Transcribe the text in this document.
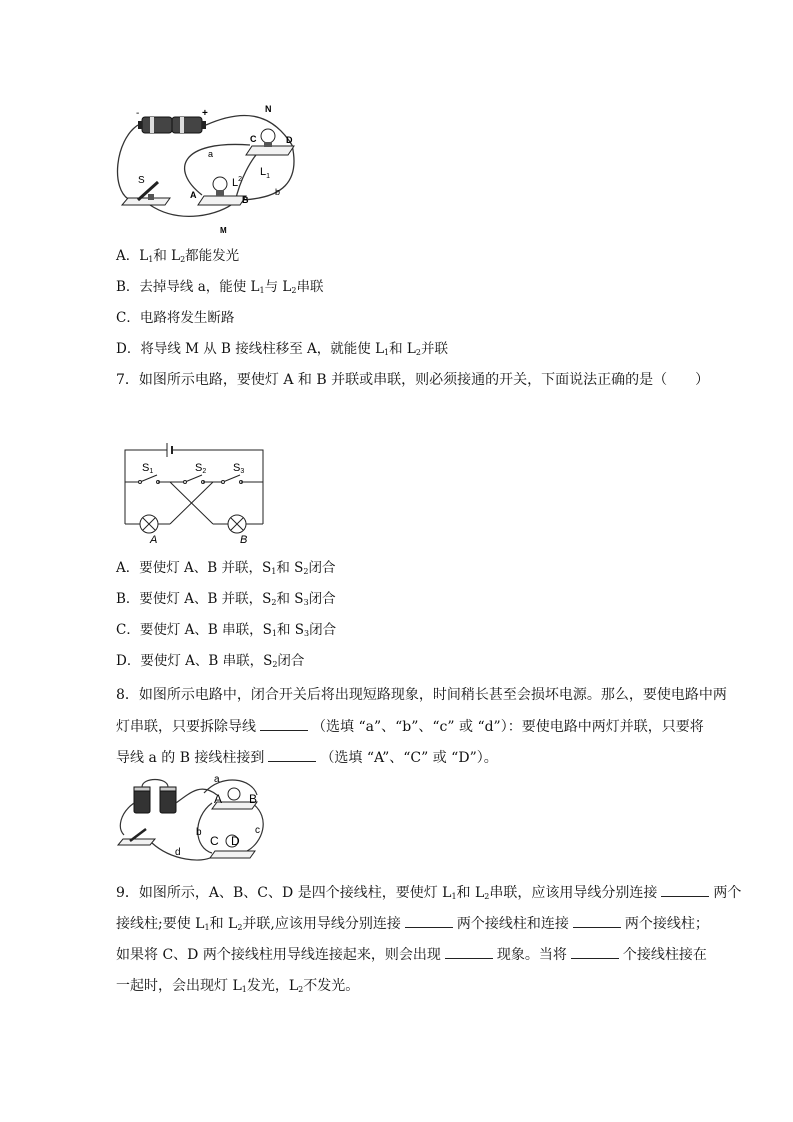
-	+	N
S
a
b
M
C	D
$L_1$
A	B
$L^2$
A．$L_1$和 $L_2$都能发光
B．去掉导线 a，能使 $L_1$与 $L_2$串联
C．电路将发生断路
D．将导线 M 从 B 接线柱移至 A，就能使 $L_1$和 $L_2$并联
7．如图所示电路，要使灯 A 和 B 并联或串联，则必须接通的开关，下面说法正确的是（　　）
S1	S2 S3
A	B
A．要使灯 A、B 并联，$S_1$和 $S_2$闭合
B．要使灯 A、B 并联，$S_2$和 $S_3$闭合
C．要使灯 A、B 串联，$S_1$和 $S_3$闭合
D．要使灯 A、B 串联，$S_2$闭合
8．如图所示电路中，闭合开关后将出现短路现象，时间稍长甚至会损坏电源。那么，要使电路中两
灯串联，只要拆除导线	（选填 “a”、“b”、“c” 或 “d”）：要使电路中两灯并联，只要将
导线 a 的 B 接线柱接到	（选填 “A”、“C” 或 “D”）。
a
A B
b	c
C D
d
9．如图所示，A、B、C、D 是四个接线柱，要使灯 $L_1$和 $L_2$串联，应该用导线分别连接	两个
接线柱;要使 $L_1$和 $L_2$并联,应该用导线分别连接	两个接线柱和连接	两个接线柱；
如果将 C、D 两个接线柱用导线连接起来，则会出现	现象。当将	个接线柱接在
一起时，会出现灯 $L_1$发光，$L_2$不发光。
